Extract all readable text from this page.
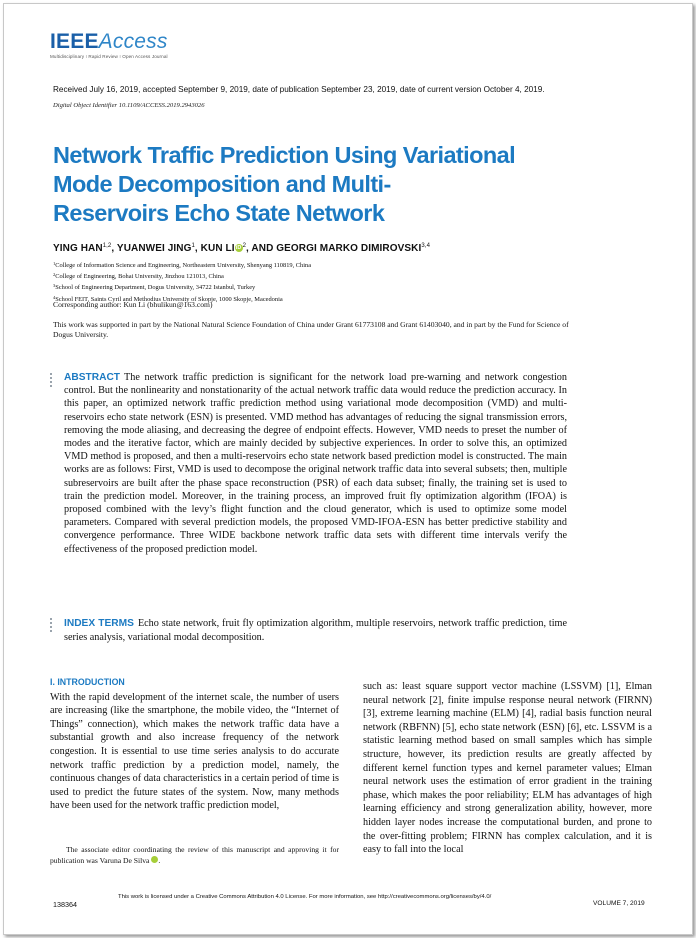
IEEEAccess
Multidisciplinary ⁝ Rapid Review ⁝ Open Access Journal
Received July 16, 2019, accepted September 9, 2019, date of publication September 23, 2019, date of current version October 4, 2019.
Digital Object Identifier 10.1109/ACCESS.2019.2943026
Network Traffic Prediction Using Variational
Mode Decomposition and Multi-
Reservoirs Echo State Network
YING HAN$^{1,2}$, YUANWEI JING$^1$, KUN LIiD$^2$, AND GEORGI MARKO DIMIROVSKI$^{3,4}$
$^1$College of Information Science and Engineering, Northeastern University, Shenyang 110819, China
$^2$College of Engineering, Bohai University, Jinzhou 121013, China
$^3$School of Engineering Department, Dogus University, 34722 Istanbul, Turkey
$^4$School FEIT, Saints Cyril and Methodius University of Skopje, 1000 Skopje, Macedonia
Corresponding author: Kun Li (bhulikun@163.com)
This work was supported in part by the National Natural Science Foundation of China under Grant 61773108 and Grant 61403040, and in part by the Fund for Science of Dogus University.
ABSTRACT The network traffic prediction is significant for the network load pre-warning and network congestion control. But the nonlinearity and nonstationarity of the actual network traffic data would reduce the prediction accuracy. In this paper, an optimized network traffic prediction method using variational mode decomposition (VMD) and multi-reservoirs echo state network (ESN) is presented. VMD method has advantages of reducing the signal transmission errors, removing the mode aliasing, and decreasing the degree of endpoint effects. However, VMD needs to preset the number of modes and the iterative factor, which are mainly decided by subjective experiences. In order to solve this, an optimized VMD method is proposed, and then a multi-reservoirs echo state network based prediction model is constructed. The main works are as follows: First, VMD is used to decompose the original network traffic data into several subsets; then, multiple subreservoirs are built after the phase space reconstruction (PSR) of each data subset; finally, the training set is used to train the prediction model. Moreover, in the training process, an improved fruit fly optimization algorithm (IFOA) is proposed combined with the levy’s flight function and the cloud generator, which is used to optimize some model parameters. Compared with several prediction models, the proposed VMD-IFOA-ESN has better predictive stability and convergence performance. Three WIDE backbone network traffic data sets with different time intervals verify the effectiveness of the proposed prediction model.
INDEX TERMS Echo state network, fruit fly optimization algorithm, multiple reservoirs, network traffic prediction, time series analysis, variational modal decomposition.
I. INTRODUCTION
With the rapid development of the internet scale, the number of users are increasing (like the smartphone, the mobile video, the “Internet of Things” connection), which makes the network traffic data have a substantial growth and also increase frequency of the network congestion. It is essential to use time series analysis to do accurate network traffic prediction by a prediction model, namely, the continuous changes of data characteristics in a certain period of time is used to predict the future states of the system. Now, many methods have been used for the network traffic prediction model,
such as: least square support vector machine (LSSVM) [1], Elman neural network [2], finite impulse response neural network (FIRNN) [3], extreme learning machine (ELM) [4], radial basis function neural network (RBFNN) [5], echo state network (ESN) [6], etc. LSSVM is a statistic learning method based on small samples which has simple structure, however, its prediction results are greatly affected by different kernel function types and kernel parameter values; Elman neural network uses the estimation of error gradient in the training phase, which makes the poor reliability; ELM has advantages of high learning efficiency and strong generalization ability, however, more hidden layer nodes increase the computational burden, and prone to the over-fitting problem; FIRNN has complex calculation, and it is easy to fall into the local
The associate editor coordinating the review of this manuscript and approving it for publication was Varuna De Silva	iD.
138364
This work is licensed under a Creative Commons Attribution 4.0 License. For more information, see http://creativecommons.org/licenses/by/4.0/
VOLUME 7, 2019
